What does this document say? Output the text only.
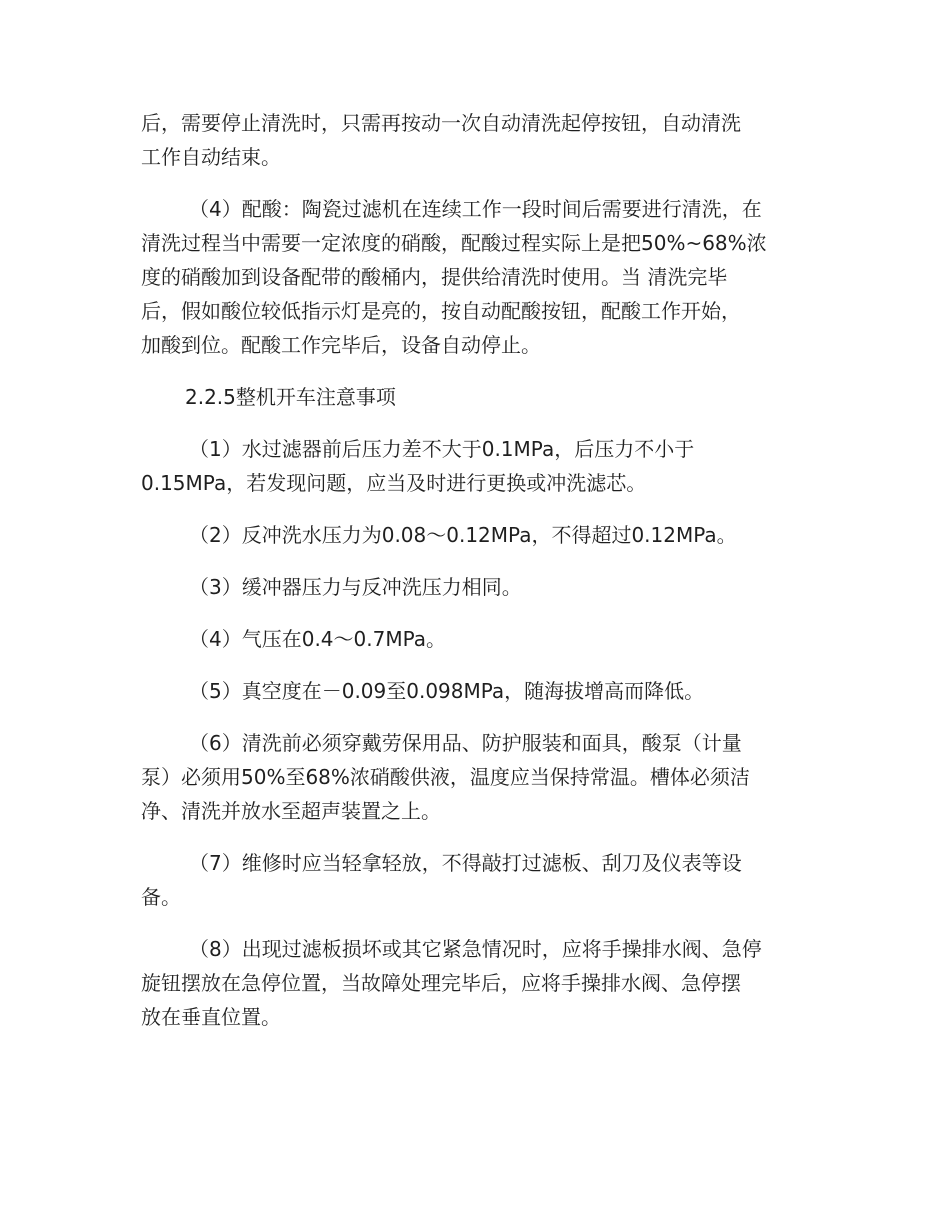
后，需要停止清洗时，只需再按动一次自动清洗起停按钮，自动清洗
工作自动结束。

（4）配酸：陶瓷过滤机在连续工作一段时间后需要进行清洗，在
清洗过程当中需要一定浓度的硝酸，配酸过程实际上是把50%~68%浓
度的硝酸加到设备配带的酸桶内，提供给清洗时使用。当 清洗完毕
后，假如酸位较低指示灯是亮的，按自动配酸按钮，配酸工作开始，
加酸到位。配酸工作完毕后，设备自动停止。

2.2.5整机开车注意事项

（1）水过滤器前后压力差不大于0.1MPa，后压力不小于
0.15MPa，若发现问题，应当及时进行更换或冲洗滤芯。

（2）反冲洗水压力为0.08～0.12MPa，不得超过0.12MPa。

（3）缓冲器压力与反冲洗压力相同。

（4）气压在0.4～0.7MPa。

（5）真空度在－0.09至0.098MPa，随海拔增高而降低。

（6）清洗前必须穿戴劳保用品、防护服装和面具，酸泵（计量
泵）必须用50%至68%浓硝酸供液，温度应当保持常温。槽体必须洁
净、清洗并放水至超声装置之上。

（7）维修时应当轻拿轻放，不得敲打过滤板、刮刀及仪表等设
备。

（8）出现过滤板损坏或其它紧急情况时，应将手操排水阀、急停
旋钮摆放在急停位置，当故障处理完毕后，应将手操排水阀、急停摆
放在垂直位置。
